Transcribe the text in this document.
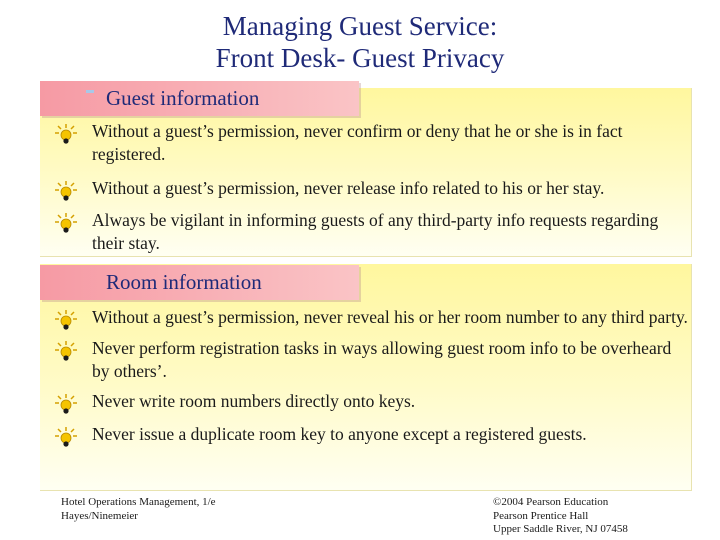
Managing Guest Service:
Front Desk- Guest Privacy
Guest information
Without a guest’s permission, never confirm or deny that he or she is in fact registered.
Without a guest’s permission, never release info related to his or her stay.
Always be vigilant in informing guests of any third-party info requests regarding their stay.
Room information
Without a guest’s permission, never reveal his or her room number to any third party.
Never perform registration tasks in ways allowing guest room info to be overheard by others’.
Never write room numbers directly onto keys.
Never issue a duplicate room key to anyone except a registered guests.
Hotel Operations Management, 1/e
Hayes/Ninemeier
©2004 Pearson Education
Pearson Prentice Hall
Upper Saddle River, NJ 07458
